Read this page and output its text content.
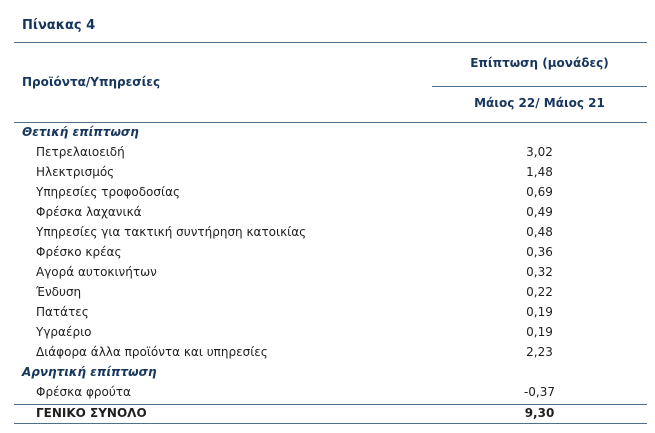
Πίνακας 4
Προϊόντα/Υπηρεσίες
Επίπτωση (μονάδες)
Μάιος 22/ Μάιος 21
Θετική επίπτωση
Πετρελαιοειδή	3,02
Ηλεκτρισμός	1,48
Υπηρεσίες τροφοδοσίας	0,69
Φρέσκα λαχανικά	0,49
Υπηρεσίες για τακτική συντήρηση κατοικίας	0,48
Φρέσκο κρέας	0,36
Αγορά αυτοκινήτων	0,32
Ένδυση	0,22
Πατάτες	0,19
Υγραέριο	0,19
Διάφορα άλλα προϊόντα και υπηρεσίες	2,23
Αρνητική επίπτωση
Φρέσκα φρούτα	-0,37
ΓΕΝΙΚΟ ΣΥΝΟΛΟ	9,30
